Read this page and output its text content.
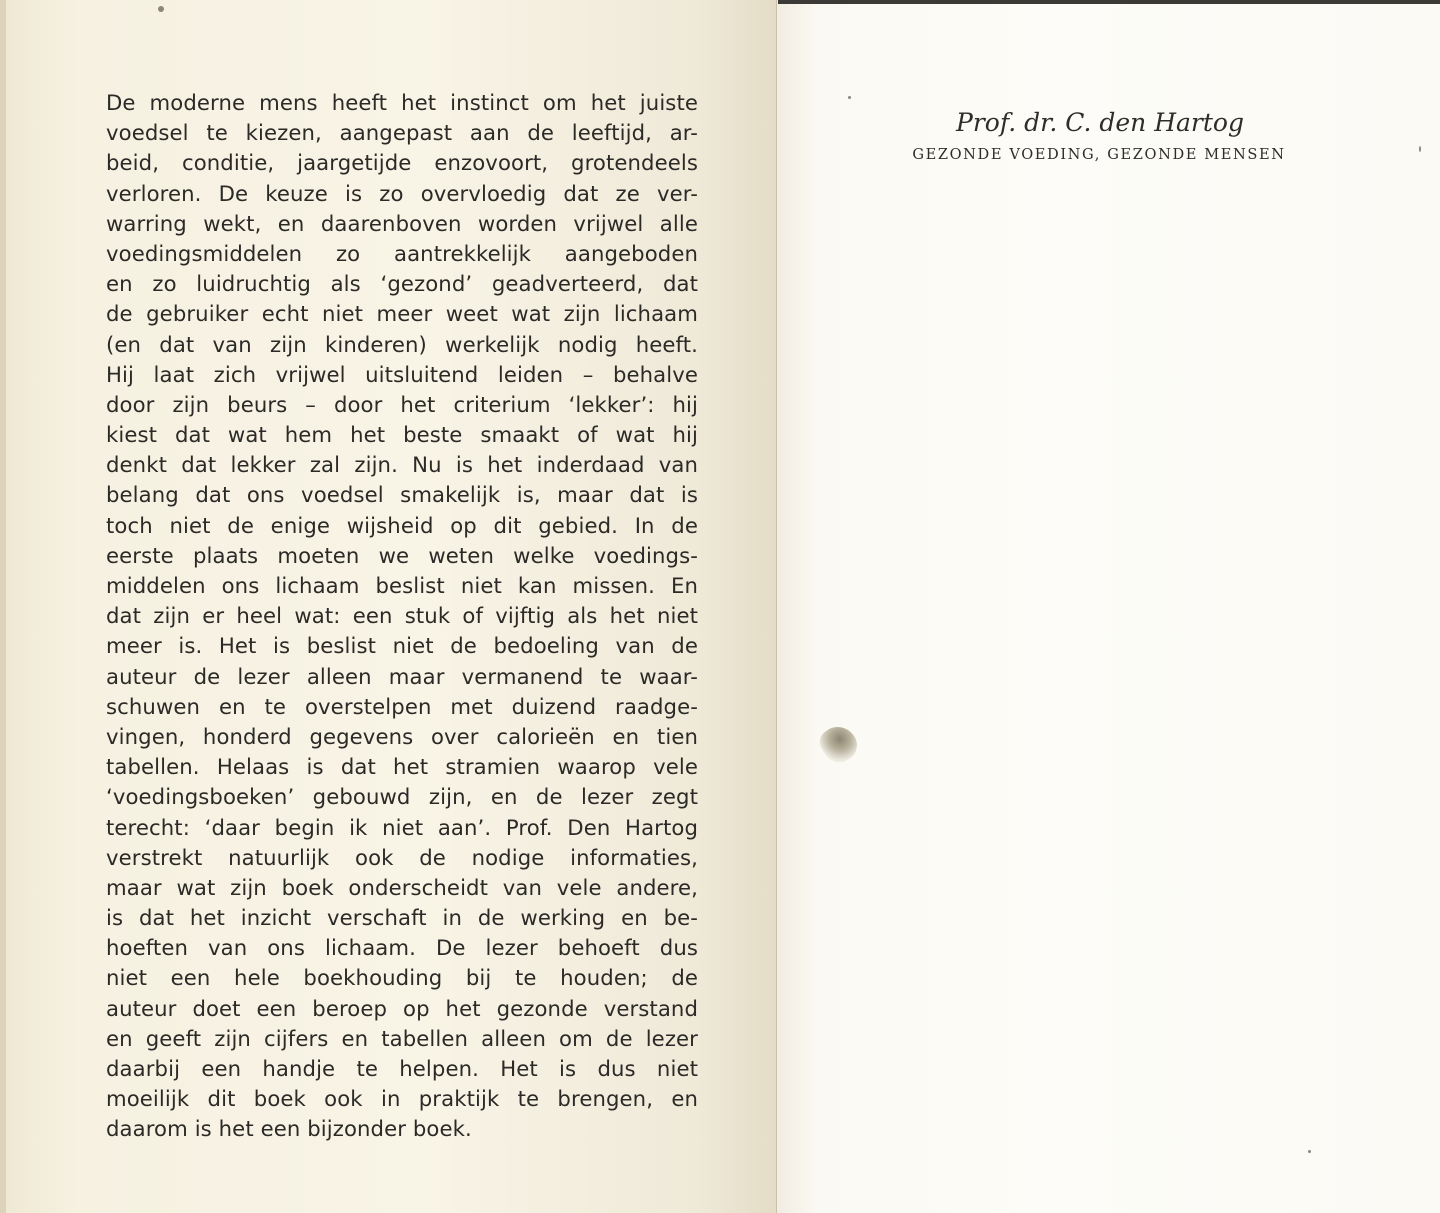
De moderne mens heeft het instinct om het juiste
voedsel te kiezen, aangepast aan de leeftijd, ar-
beid, conditie, jaargetijde enzovoort, grotendeels
verloren. De keuze is zo overvloedig dat ze ver-
warring wekt, en daarenboven worden vrijwel alle
voedingsmiddelen zo aantrekkelijk aangeboden
en zo luidruchtig als ‘gezond’ geadverteerd, dat
de gebruiker echt niet meer weet wat zijn lichaam
(en dat van zijn kinderen) werkelijk nodig heeft.
Hij laat zich vrijwel uitsluitend leiden – behalve
door zijn beurs – door het criterium ‘lekker’: hij
kiest dat wat hem het beste smaakt of wat hij
denkt dat lekker zal zijn. Nu is het inderdaad van
belang dat ons voedsel smakelijk is, maar dat is
toch niet de enige wijsheid op dit gebied. In de
eerste plaats moeten we weten welke voedings-
middelen ons lichaam beslist niet kan missen. En
dat zijn er heel wat: een stuk of vijftig als het niet
meer is. Het is beslist niet de bedoeling van de
auteur de lezer alleen maar vermanend te waar-
schuwen en te overstelpen met duizend raadge-
vingen, honderd gegevens over calorieën en tien
tabellen. Helaas is dat het stramien waarop vele
‘voedingsboeken’ gebouwd zijn, en de lezer zegt
terecht: ‘daar begin ik niet aan’. Prof. Den Hartog
verstrekt natuurlijk ook de nodige informaties,
maar wat zijn boek onderscheidt van vele andere,
is dat het inzicht verschaft in de werking en be-
hoeften van ons lichaam. De lezer behoeft dus
niet een hele boekhouding bij te houden; de
auteur doet een beroep op het gezonde verstand
en geeft zijn cijfers en tabellen alleen om de lezer
daarbij een handje te helpen. Het is dus niet
moeilijk dit boek ook in praktijk te brengen, en
daarom is het een bijzonder boek.
Prof. dr. C. den Hartog
GEZONDE VOEDING, GEZONDE MENSEN
